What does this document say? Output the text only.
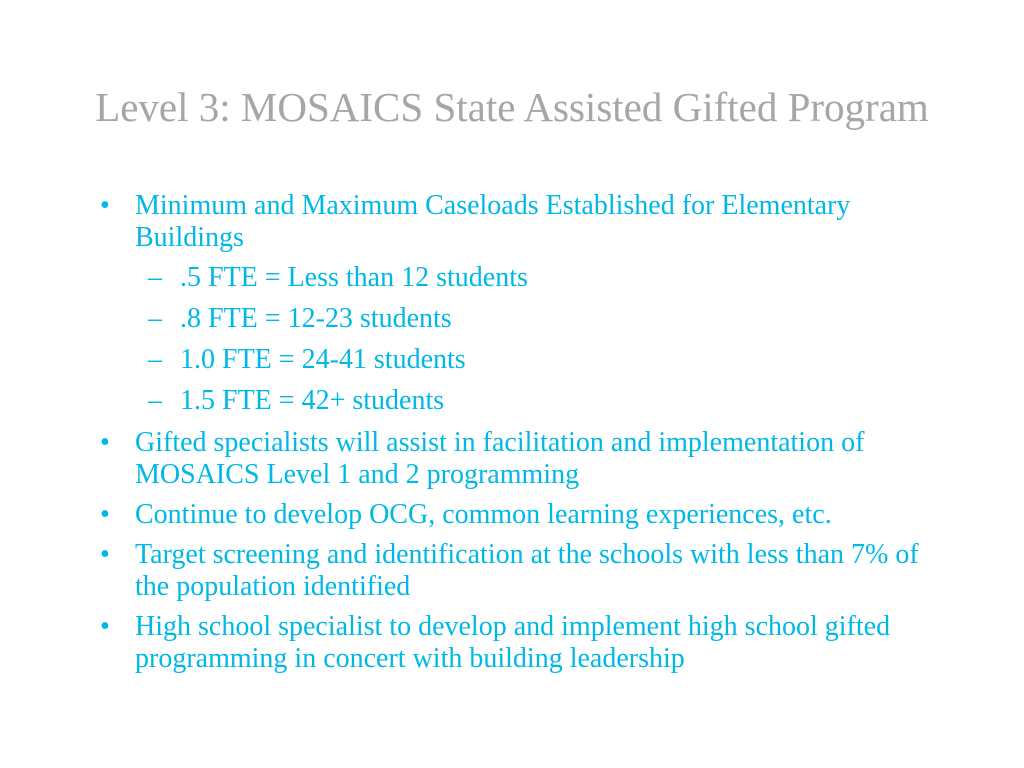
Level 3: MOSAICS State Assisted Gifted Program
• Minimum and Maximum Caseloads Established for Elementary Buildings
– .5 FTE = Less than 12 students
– .8 FTE = 12-23 students
– 1.0 FTE = 24-41 students
– 1.5 FTE = 42+ students
• Gifted specialists will assist in facilitation and implementation of MOSAICS Level 1 and 2 programming
• Continue to develop OCG, common learning experiences, etc.
• Target screening and identification at the schools with less than 7% of the population identified
• High school specialist to develop and implement high school gifted programming in concert with building leadership
